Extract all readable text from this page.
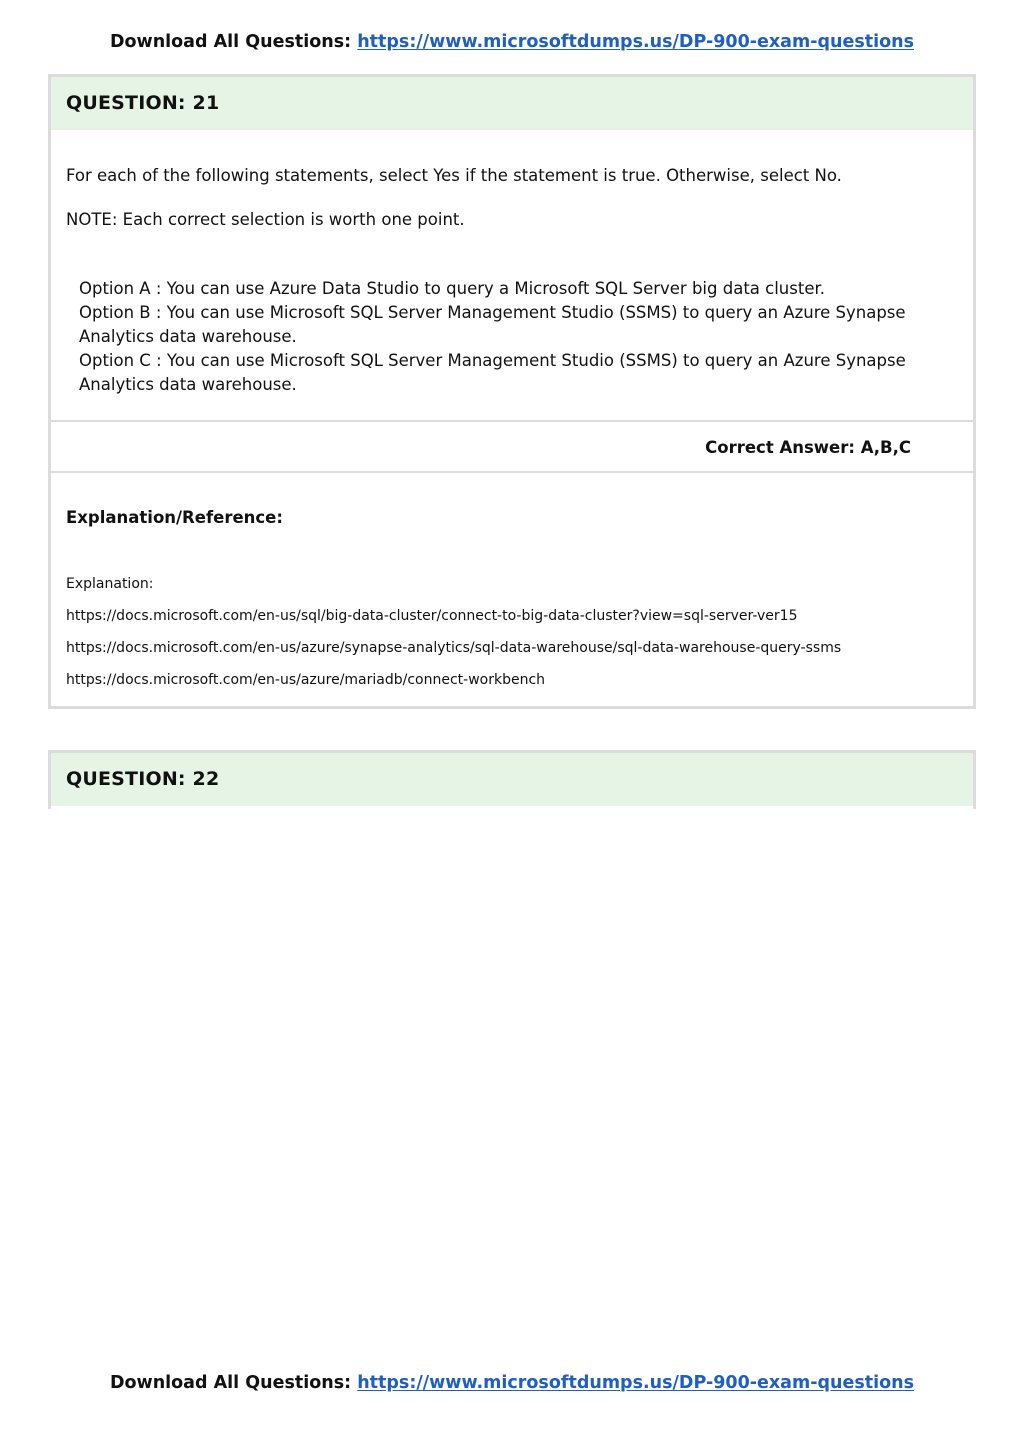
Download All Questions: https://www.microsoftdumps.us/DP-900-exam-questions
QUESTION: 21
For each of the following statements, select Yes if the statement is true. Otherwise, select No.
NOTE: Each correct selection is worth one point.
Option A : You can use Azure Data Studio to query a Microsoft SQL Server big data cluster.
Option B : You can use Microsoft SQL Server Management Studio (SSMS) to query an Azure Synapse
Analytics data warehouse.
Option C : You can use Microsoft SQL Server Management Studio (SSMS) to query an Azure Synapse
Analytics data warehouse.
Correct Answer: A,B,C
Explanation/Reference:
Explanation:
https://docs.microsoft.com/en-us/sql/big-data-cluster/connect-to-big-data-cluster?view=sql-server-ver15
https://docs.microsoft.com/en-us/azure/synapse-analytics/sql-data-warehouse/sql-data-warehouse-query-ssms
https://docs.microsoft.com/en-us/azure/mariadb/connect-workbench
QUESTION: 22
Download All Questions: https://www.microsoftdumps.us/DP-900-exam-questions
